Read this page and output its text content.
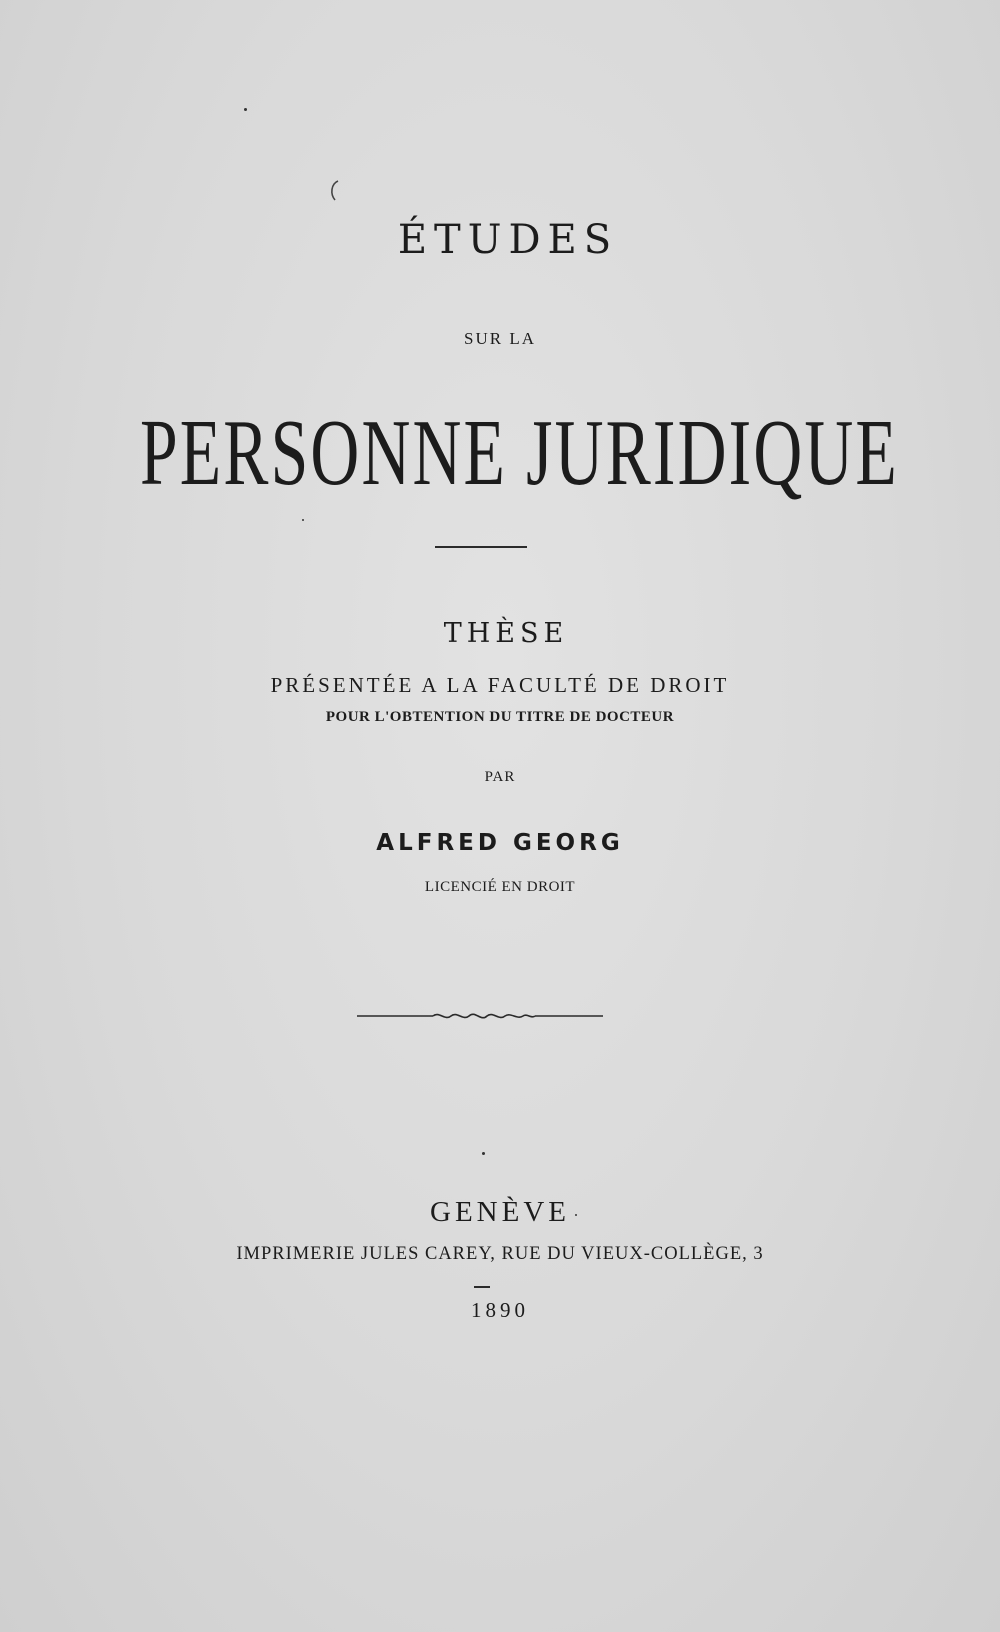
ÉTUDES
SUR LA
PERSONNE JURIDIQUE
THÈSE
PRÉSENTÉE A LA FACULTÉ DE DROIT
POUR L'OBTENTION DU TITRE DE DOCTEUR
PAR
ALFRED GEORG
LICENCIÉ EN DROIT
GENÈVE
IMPRIMERIE JULES CAREY, RUE DU VIEUX-COLLÈGE, 3
1890
